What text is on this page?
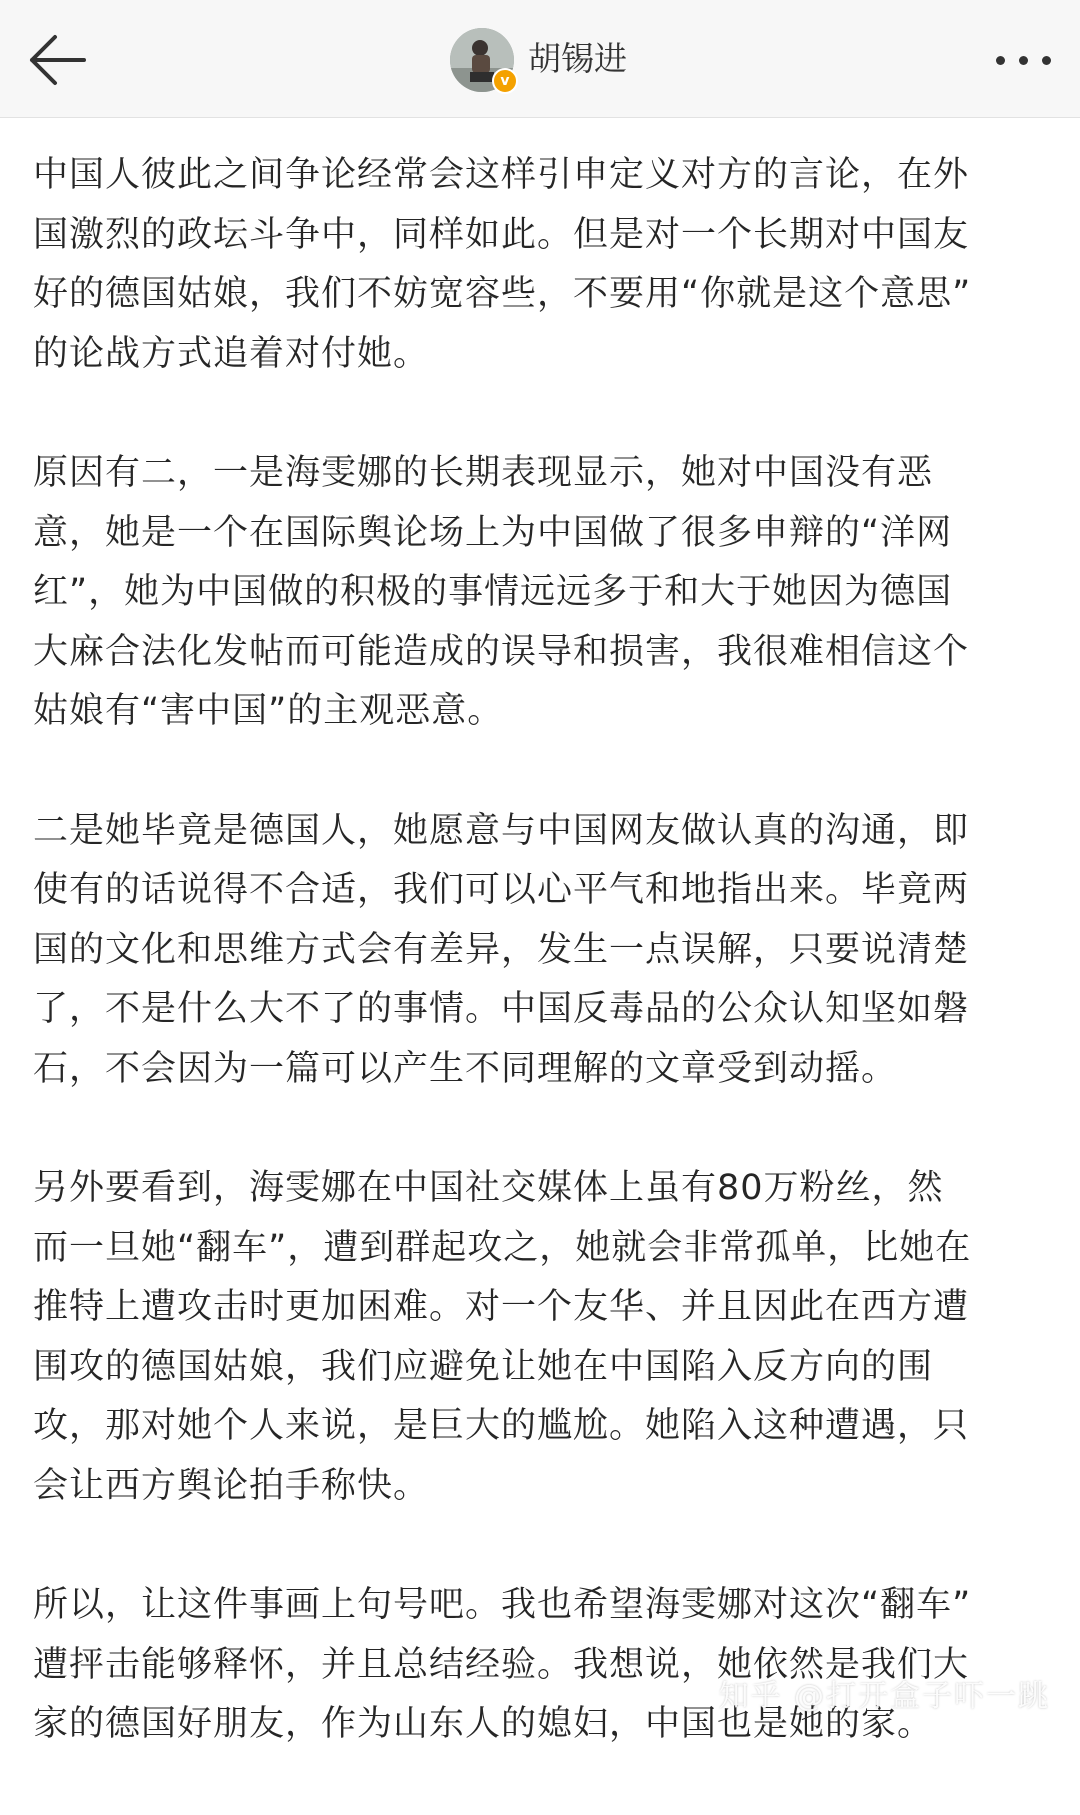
v
胡锡进

中国人彼此之间争论经常会这样引申定义对方的言论，在外
国激烈的政坛斗争中，同样如此。但是对一个长期对中国友
好的德国姑娘，我们不妨宽容些，不要用“你就是这个意思”
的论战方式追着对付她。

原因有二，一是海雯娜的长期表现显示，她对中国没有恶
意，她是一个在国际舆论场上为中国做了很多申辩的“洋网
红”，她为中国做的积极的事情远远多于和大于她因为德国
大麻合法化发帖而可能造成的误导和损害，我很难相信这个
姑娘有“害中国”的主观恶意。

二是她毕竟是德国人，她愿意与中国网友做认真的沟通，即
使有的话说得不合适，我们可以心平气和地指出来。毕竟两
国的文化和思维方式会有差异，发生一点误解，只要说清楚
了，不是什么大不了的事情。中国反毒品的公众认知坚如磐
石，不会因为一篇可以产生不同理解的文章受到动摇。

另外要看到，海雯娜在中国社交媒体上虽有80万粉丝，然
而一旦她“翻车”，遭到群起攻之，她就会非常孤单，比她在
推特上遭攻击时更加困难。对一个友华、并且因此在西方遭
围攻的德国姑娘，我们应避免让她在中国陷入反方向的围
攻，那对她个人来说，是巨大的尴尬。她陷入这种遭遇，只
会让西方舆论拍手称快。

所以，让这件事画上句号吧。我也希望海雯娜对这次“翻车”
遭抨击能够释怀，并且总结经验。我想说，她依然是我们大
家的德国好朋友，作为山东人的媳妇，中国也是她的家。

知乎 @打开盒子吓一跳
